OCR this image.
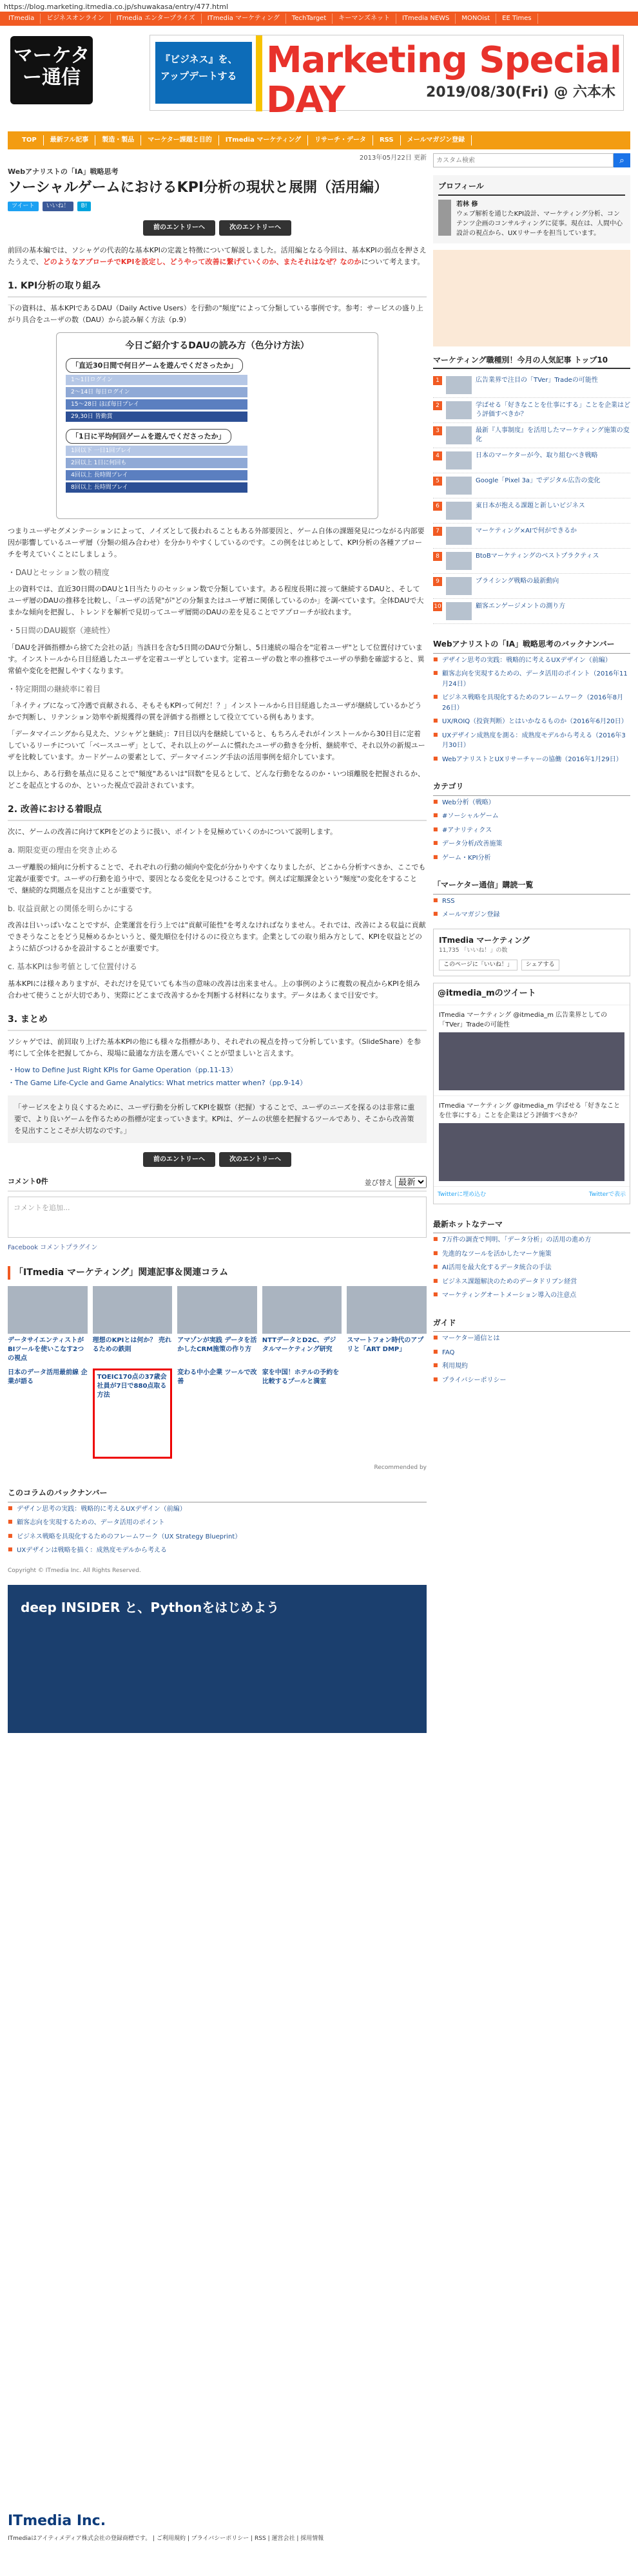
https://blog.marketing.itmedia.co.jp/shuwakasa/entry/477.html
ITmedia	ビジネスオンライン	ITmedia エンタープライズ	ITmedia マーケティング	TechTarget	キーマンズネット	ITmedia NEWS	MONOist	EE Times
マーケター通信
『ビジネス』を、アップデートする Marketing Special DAY	2019/08/30(Fri) @ 六本木
TOP	最新フル記事	製造・製品	マーケター課題と目的	ITmedia マーケティング	リサーチ・データ	RSS	メールマガジン登録
2013年05月22日 更新
Webアナリストの「IA」戦略思考
ソーシャルゲームにおけるKPI分析の現状と展開（活用編）
ツイート	いいね！	B!
前のエントリーへ	次のエントリーへ

前回の基本編では、ソシャゲの代表的な基本KPIの定義と特徴について解説しました。活用編となる今回は、基本KPIの弱点を押さえたうえで、どのようなアプローチでKPIを設定し、どうやって改善に繋げていくのか、またそれはなぜ？なのかについて考えます。

1. KPI分析の取り組み

下の資料は、基本KPIであるDAU（Daily Active Users）を行動の"頻度"によって分類している事例です。参考：サービスの盛り上がり具合をユーザの数（DAU）から読み解く方法（p.9）

今日ご紹介するDAUの読み方（色分け方法）
「直近30日間で何日ゲームを遊んでくださったか」
1〜1日ログイン
2〜14日 毎日ログイン
15〜28日 ほぼ毎日プレイ
29,30日 皆勤賞
「1日に平均何回ゲームを遊んでくださったか」
1回以下 一日1回プレイ
2回以上 1日に何回も
4回以上 長時間プレイ
8回以上 長時間プレイ

つまりユーザセグメンテーションによって、ノイズとして扱われることもある外部要因と、ゲーム自体の課題発見につながる内部要因が影響しているユーザ層（分類の組み合わせ）を分かりやすくしているのです。この例をはじめとして、KPI分析の各種アプローチを考えていくことにしましょう。

・DAUとセッション数の精度

上の資料では、直近30日間のDAUと1日当たりのセッション数で分類しています。ある程度長期に渡って継続するDAUと、そしてユーザ層のDAUの推移を比較し、「ユーザの活発"が"どの分類またはユーザ層に関係しているのか」を調べています。全体DAUで大まかな傾向を把握し、トレンドを解析で見切ってユーザ層間のDAUの差を見ることでアプローチが絞れます。

・5日間のDAU観察（連続性）

「DAUを評価指標から捨てた会社の話」当該日を含む5日間のDAUで分類し、5日連続の場合を"定着ユーザ"として位置付けています。インストールから日目経過したユーザを定着ユーザとしています。定着ユーザの数と率の推移でユーザの挙動を確認すると、異常値や変化を把握しやすくなります。

・特定期間の継続率に着目

「ネイティブになって冷遇で貢献される、そもそもKPIって何だ！？」インストールから日目経過したユーザが継続しているかどうかで判断し、リテンション効率や新規獲得の質を評価する指標として役立てている例もあります。

「データマイニングから見えた、ソシャゲと継続」：7日目以内を継続していると、もちろんそれがインストールから30日目に定着しているリーチについて「ベースユーザ」として、それ以上のゲームに慣れたユーザの動きを分析、継続率で、それ以外の新規ユーザを比較しています。カードゲームの要素として、データマイニング手法の活用事例を紹介しています。

以上から、ある行動を基点に見ることで"頻度"あるいは"回数"を見るとして、どんな行動をなるのか・いつ頃離脱を把握されるか、どこを起点とするのか、といった視点で設計されています。

2. 改善における着眼点

次に、ゲームの改善に向けてKPIをどのように扱い、ポイントを見極めていくのかについて説明します。

a. 期限変更の理由を突き止める

ユーザ離脱の傾向に分析することで、それぞれの行動の傾向や変化が分かりやすくなりましたが、どこから分析すべきか、ここでも定義が重要です。ユーザの行動を追う中で、要因となる変化を見つけることです。例えば定額課金という"頻度"の変化をすることで、継続的な問題点を見出すことが重要です。

b. 収益貢献との関係を明らかにする

改善は目いっぱいなことですが、企業運営を行う上では"貢献可能性"を考えなければなりません。それでは、改善による収益に貢献できそうなことをどう見極めるかというと、優先順位を付けるのに役立ちます。企業としての取り組み方として、KPIを収益とどのように結びつけるかを設計することが重要です。

c. 基本KPIは参考値として位置付ける

基本KPIには様々ありますが、それだけを見ていても本当の意味の改善は出来ません。上の事例のように複数の視点からKPIを組み合わせて使うことが大切であり、実際にどこまで改善するかを判断する材料になります。データはあくまで目安です。

3. まとめ

ソシャゲでは、前回取り上げた基本KPIの他にも様々な指標があり、それぞれの視点を持って分析しています。（SlideShare）を参考にして全体を把握してから、現場に最適な方法を選んでいくことが望ましいと言えます。

・How to Define Just Right KPIs for Game Operation（pp.11-13）

・The Game Life-Cycle and Game Analytics: What metrics matter when?（pp.9-14）

「サービスをより良くするために、ユーザ行動を分析してKPIを観察（把握）することで、ユーザのニーズを探るのは非常に重要で、より良いゲームを作るための指標が定まっていきます。KPIは、ゲームの状態を把握するツールであり、そこから改善策を見出すことこそが大切なのです。」
前のエントリーへ	次のエントリーへ
コメント0件	並び替え
最新
コメントを追加...
Facebook コメントプラグイン
「ITmedia マーケティング」関連記事＆関連コラム
データサイエンティストがBIツールを使いこなす2つの視点
理想のKPIとは何か？ 売れるための鉄則
アマゾンが実践 データを活かしたCRM施策の作り方
NTTデータとD2C、デジタルマーケティング研究
スマートフォン時代のアプリと「ART DMP」
日本のデータ活用最前線 企業が語る
TOEIC170点の37歳会社員が7日で880点取る方法
変わる中小企業 ツールで改善
家を中国！ホテルの予約を比較するプールと満室
Recommended by
このコラムのバックナンバー
■ デザイン思考の実践：戦略的に考えるUXデザイン（前編）
■ 顧客志向を実現するための、データ活用のポイント
■ ビジネス戦略を具現化するためのフレームワーク（UX Strategy Blueprint）
■ UXデザインは戦略を描く：成熟度モデルから考える
Copyright © ITmedia Inc. All Rights Reserved.
deep INSIDER と、Pythonをはじめよう
カスタム検索
⌕
プロフィール
若林 修
ウェブ解析を通じたKPI設計、マーケティング分析、コンテンツ企画のコンサルティングに従事。現在は、人間中心設計の視点から、UXリサーチを担当しています。
マーケティング職種別！今月の人気記事 トップ10
1	広告業界で注目の「TVer」Tradeの可能性
2	学ばせる「好きなことを仕事にする」ことを企業はどう評価すべきか？
3	最新『人事制度』を活用したマーケティング施策の変化
4	日本のマーケターが今、取り組むべき戦略
5	Google「Pixel 3a」でデジタル広告の変化
6	東日本が抱える課題と新しいビジネス
7	マーケティング×AIで何ができるか
8	BtoBマーケティングのベストプラクティス
9	プライシング戦略の最新動向
10	顧客エンゲージメントの測り方
Webアナリストの「IA」戦略思考のバックナンバー
■ デザイン思考の実践：戦略的に考えるUXデザイン（前編）
■ 顧客志向を実現するための、データ活用のポイント（2016年11月24日）
■ ビジネス戦略を具現化するためのフレームワーク（2016年8月26日）
■ UX/ROIQ（投資判断）とはいかなるものか（2016年6月20日）
■ UXデザイン成熟度を測る：成熟度モデルから考える（2016年3月30日）
■ WebアナリストとUXリサーチャーの協働（2016年1月29日）
カテゴリ
■ Web分析（戦略）
■ #ソーシャルゲーム
■ #アナリティクス
■ データ分析/改善施策
■ ゲーム・KPI分析
「マーケター通信」購読一覧
■ RSS
■ メールマガジン登録
ITmedia マーケティング
11,735 「いいね！」の数
このページに「いいね！」	シェアする
@itmedia_mのツイート
ITmedia マーケティング @itmedia_m 広告業界としての「TVer」Tradeの可能性
ITmedia マーケティング @itmedia_m 学ばせる「好きなことを仕事にする」ことを企業はどう評価すべきか？
Twitterに埋め込む	Twitterで表示
最新ホットなテーマ
■ 7万件の調査で判明、「データ分析」の活用の進め方
■ 先進的なツールを活かしたマーケ施策
■ AI活用を最大化するデータ統合の手法
■ ビジネス課題解決のためのデータドリブン経営
■ マーケティングオートメーション導入の注意点
ガイド
■ マーケター通信とは
■ FAQ
■ 利用規約
■ プライバシーポリシー
ITmedia Inc.
ITmediaはアイティメディア株式会社の登録商標です。 | ご利用規約 | プライバシーポリシー | RSS | 運営会社 | 採用情報
